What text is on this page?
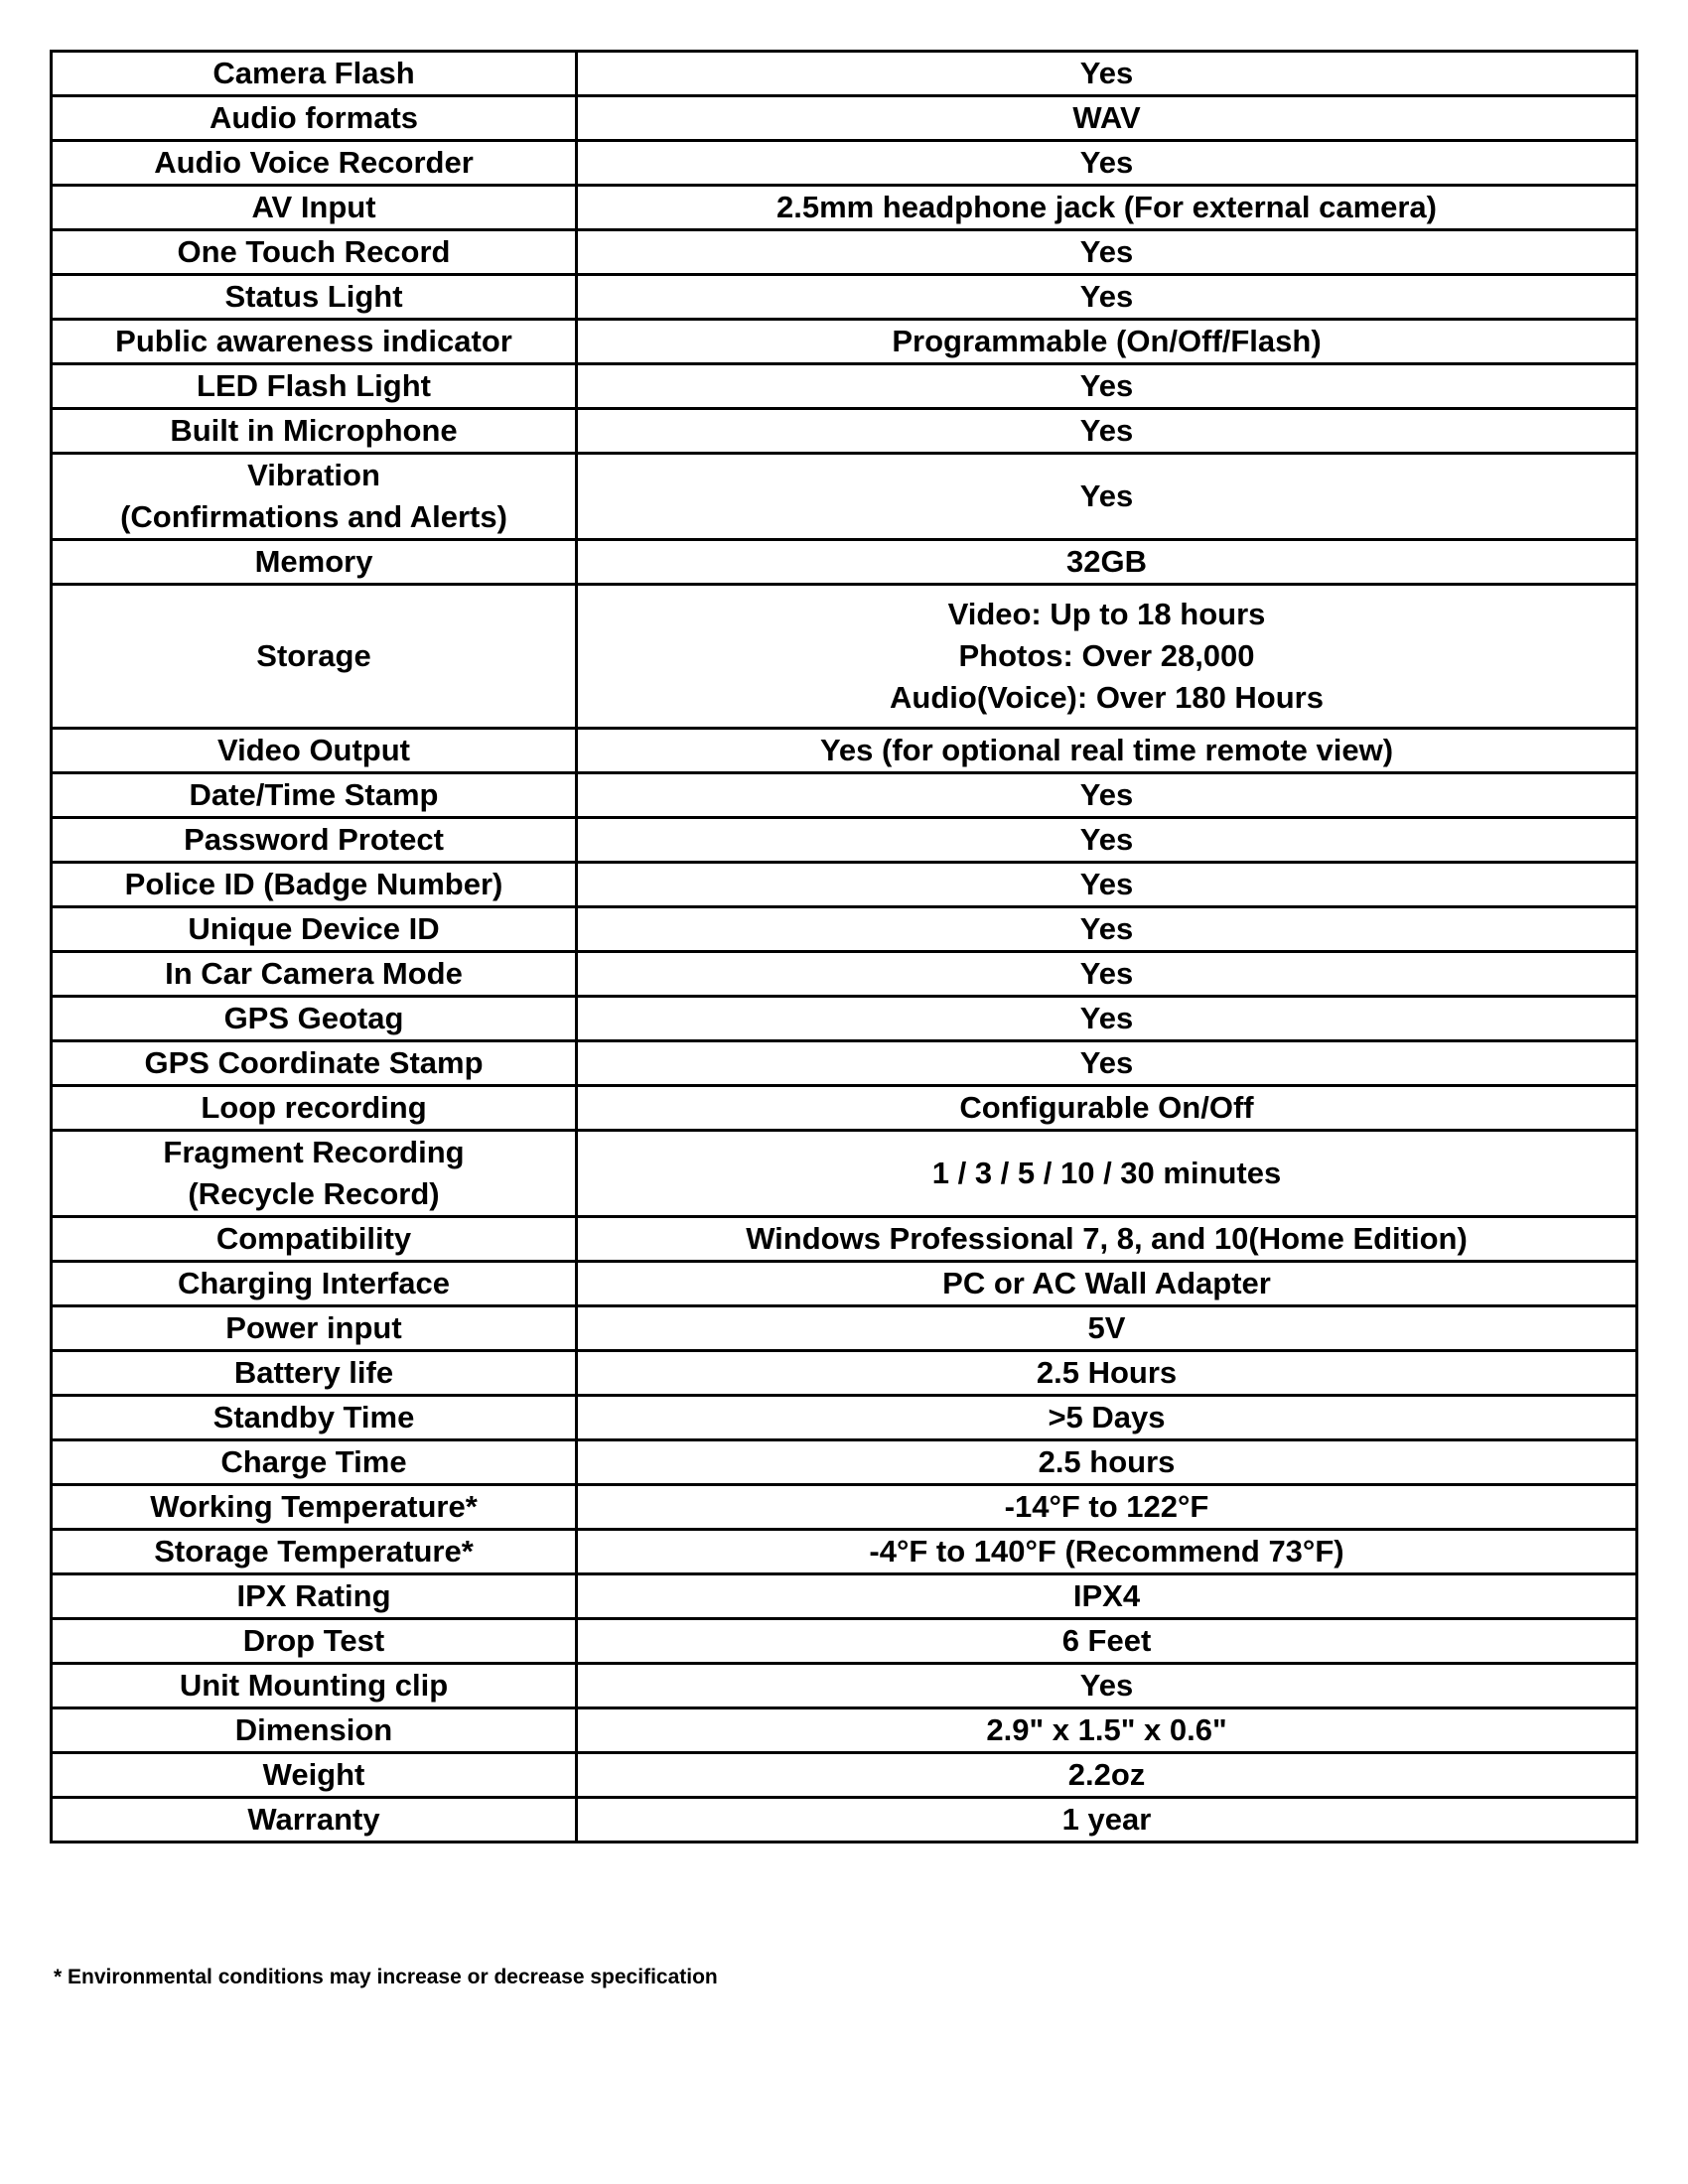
Camera Flash	Yes

Audio formats	WAV

Audio Voice Recorder	Yes

AV Input	2.5mm headphone jack (For external camera)

One Touch Record	Yes

Status Light	Yes

Public awareness indicator	Programmable (On/Off/Flash)

LED Flash Light	Yes

Built in Microphone	Yes

Vibration
(Confirmations and Alerts)	Yes

Memory	32GB

Storage	Video: Up to 18 hours
Photos: Over 28,000
Audio(Voice): Over 180 Hours

Video Output	Yes (for optional real time remote view)

Date/Time Stamp	Yes

Password Protect	Yes

Police ID (Badge Number)	Yes

Unique Device ID	Yes

In Car Camera Mode	Yes

GPS Geotag	Yes

GPS Coordinate Stamp	Yes

Loop recording	Configurable On/Off

Fragment Recording
(Recycle Record)	1 / 3 / 5 / 10 / 30 minutes

Compatibility	Windows Professional 7, 8, and 10(Home Edition)

Charging Interface	PC or AC Wall Adapter

Power input	5V

Battery life	2.5 Hours

Standby Time	>5 Days

Charge Time	2.5 hours

Working Temperature*	-14°F to 122°F

Storage Temperature*	-4°F to 140°F (Recommend 73°F)

IPX Rating	IPX4

Drop Test	6 Feet

Unit Mounting clip	Yes

Dimension	2.9" x 1.5" x 0.6"

Weight	2.2oz

Warranty	1 year
* Environmental conditions may increase or decrease specification
